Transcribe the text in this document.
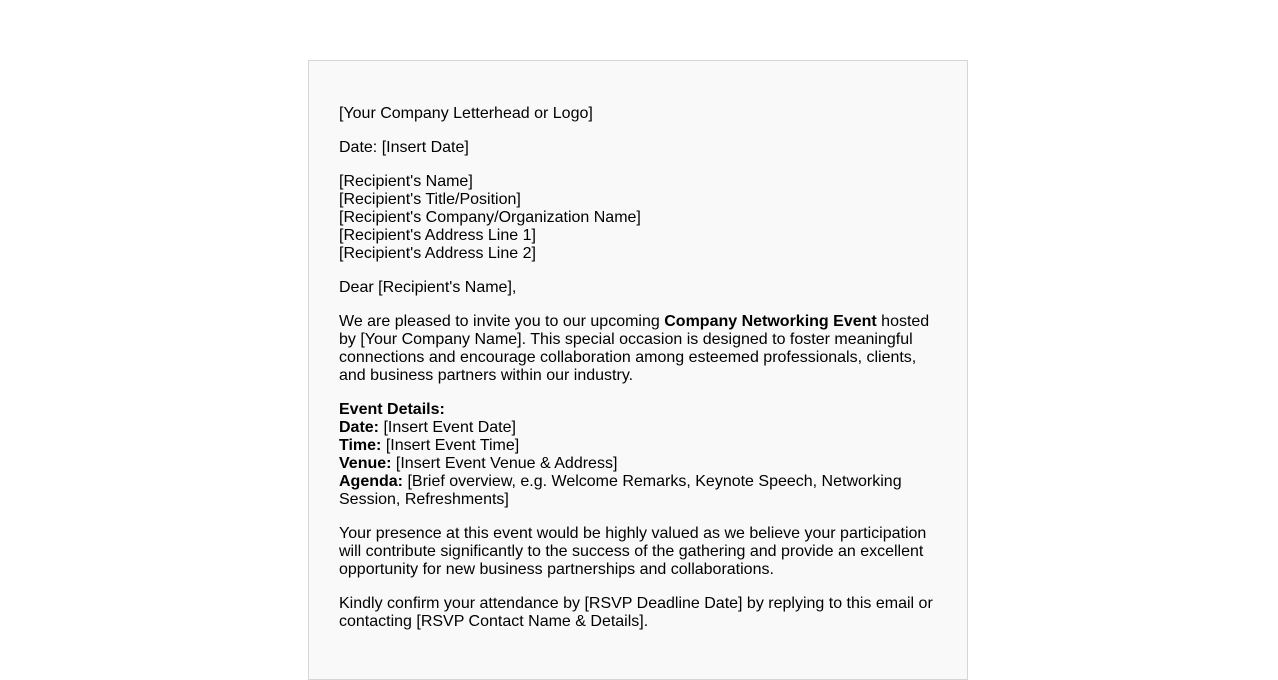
[Your Company Letterhead or Logo]

Date: [Insert Date]

[Recipient's Name]
[Recipient's Title/Position]
[Recipient's Company/Organization Name]
[Recipient's Address Line 1]
[Recipient's Address Line 2]

Dear [Recipient's Name],

We are pleased to invite you to our upcoming Company Networking Event hosted by [Your Company Name]. This special occasion is designed to foster meaningful connections and encourage collaboration among esteemed professionals, clients, and business partners within our industry.

Event Details:
Date: [Insert Event Date]
Time: [Insert Event Time]
Venue: [Insert Event Venue & Address]
Agenda: [Brief overview, e.g. Welcome Remarks, Keynote Speech, Networking Session, Refreshments]

Your presence at this event would be highly valued as we believe your participation will contribute significantly to the success of the gathering and provide an excellent opportunity for new business partnerships and collaborations.

Kindly confirm your attendance by [RSVP Deadline Date] by replying to this email or contacting [RSVP Contact Name & Details].
